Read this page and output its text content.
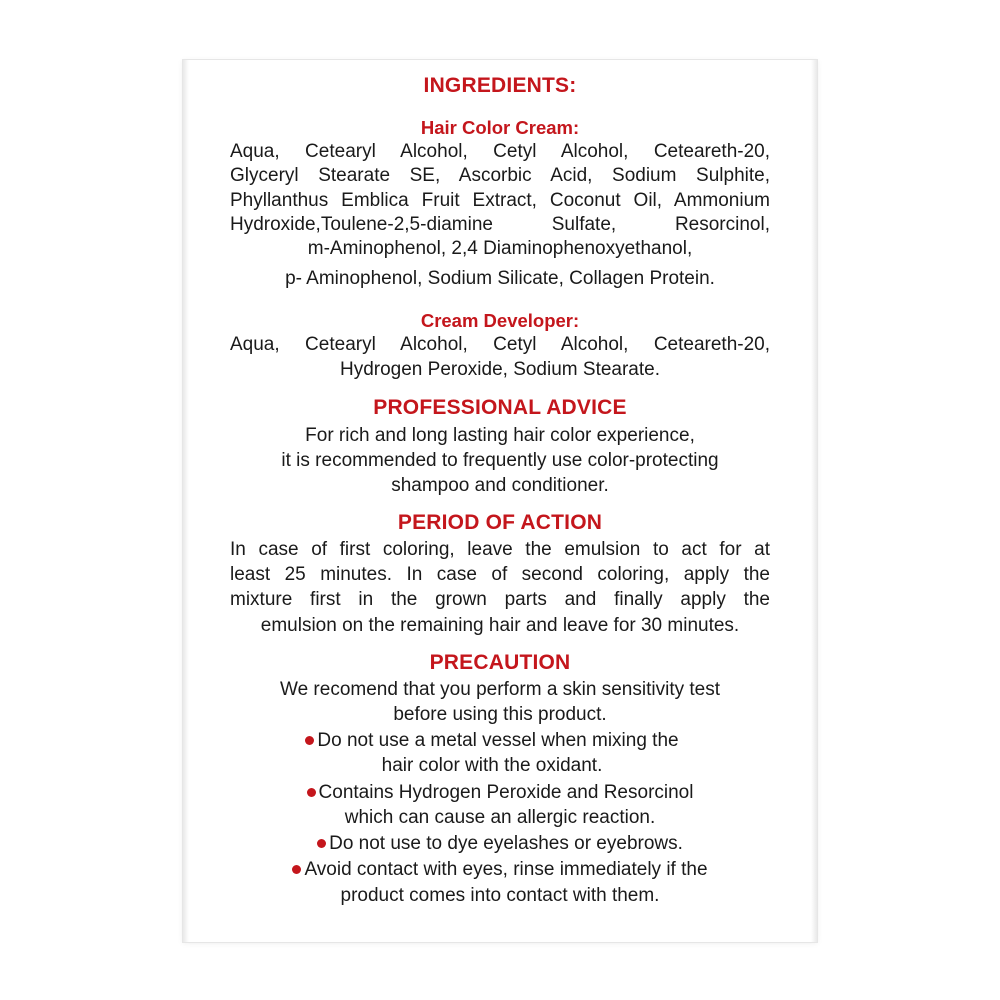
INGREDIENTS:
Hair Color Cream:
Aqua, Cetearyl Alcohol, Cetyl Alcohol, Ceteareth-20,
Glyceryl Stearate SE, Ascorbic Acid, Sodium Sulphite,
Phyllanthus Emblica Fruit Extract, Coconut Oil, Ammonium
Hydroxide,Toulene-2,5-diamine Sulfate, Resorcinol,
m-Aminophenol, 2,4 Diaminophenoxyethanol,
p- Aminophenol, Sodium Silicate, Collagen Protein.
Cream Developer:
Aqua, Cetearyl Alcohol, Cetyl Alcohol, Ceteareth-20,
Hydrogen Peroxide, Sodium Stearate.
PROFESSIONAL ADVICE
For rich and long lasting hair color experience,
it is recommended to frequently use color-protecting
shampoo and conditioner.
PERIOD OF ACTION
In case of first coloring, leave the emulsion to act for at
least 25 minutes. In case of second coloring, apply the
mixture first in the grown parts and finally apply the
emulsion on the remaining hair and leave for 30 minutes.
PRECAUTION
We recomend that you perform a skin sensitivity test
before using this product.
Do not use a metal vessel when mixing the
hair color with the oxidant.
Contains Hydrogen Peroxide and Resorcinol
which can cause an allergic reaction.
Do not use to dye eyelashes or eyebrows.
Avoid contact with eyes, rinse immediately if the
product comes into contact with them.
